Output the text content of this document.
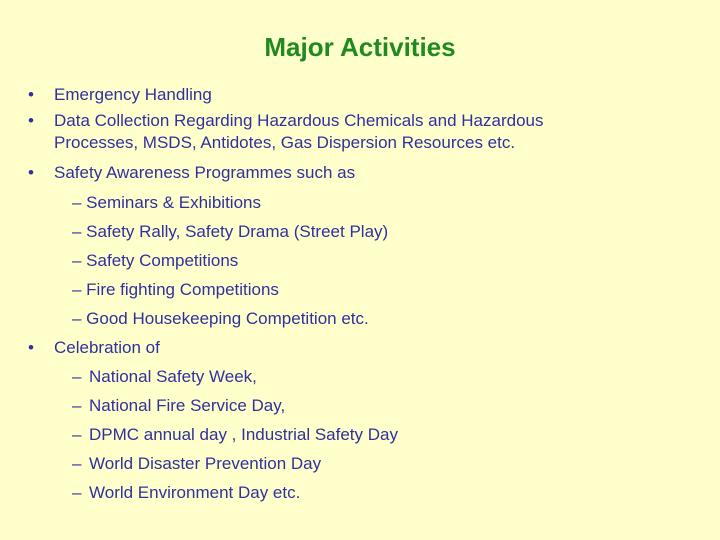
Major Activities
• Emergency Handling
• Data Collection Regarding Hazardous Chemicals and Hazardous
Processes, MSDS, Antidotes, Gas Dispersion Resources etc.
• Safety Awareness Programmes such as
– Seminars & Exhibitions
– Safety Rally, Safety Drama (Street Play)
– Safety Competitions
– Fire fighting Competitions
– Good Housekeeping Competition etc.
• Celebration of
– National Safety Week,
– National Fire Service Day,
– DPMC annual day , Industrial Safety Day
– World Disaster Prevention Day
– World Environment Day etc.
